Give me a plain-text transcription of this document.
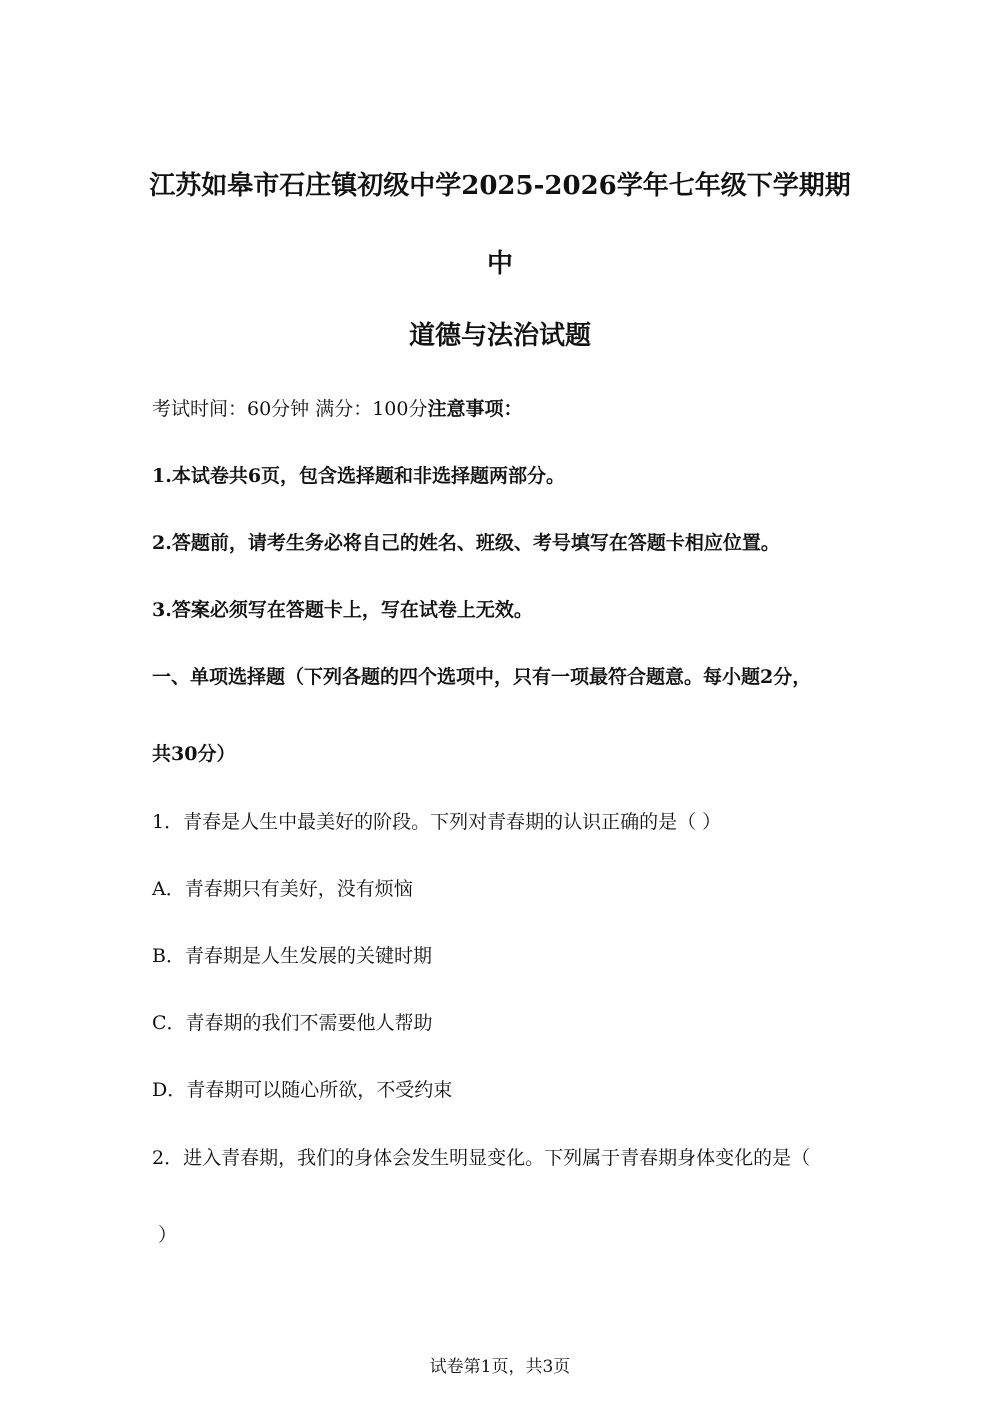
江苏如皋市石庄镇初级中学2025-2026学年七年级下学期期
中
道德与法治试题
考试时间：60分钟 满分：100分注意事项：
1.本试卷共6页，包含选择题和非选择题两部分。
2.答题前，请考生务必将自己的姓名、班级、考号填写在答题卡相应位置。
3.答案必须写在答题卡上，写在试卷上无效。
一、单项选择题（下列各题的四个选项中，只有一项最符合题意。每小题2分，
共30分）
1．青春是人生中最美好的阶段。下列对青春期的认识正确的是（ ）
A．青春期只有美好，没有烦恼
B．青春期是人生发展的关键时期
C．青春期的我们不需要他人帮助
D．青春期可以随心所欲，不受约束
2．进入青春期，我们的身体会发生明显变化。下列属于青春期身体变化的是（
）
试卷第1页，共3页
